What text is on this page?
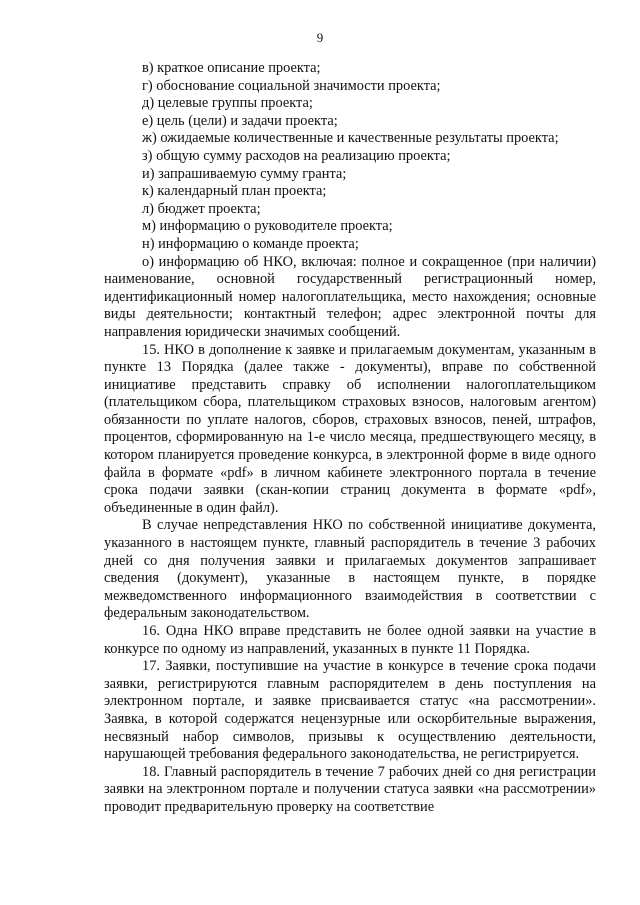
9

в) краткое описание проекта;

г) обоснование социальной значимости проекта;

д) целевые группы проекта;

е) цель (цели) и задачи проекта;

ж) ожидаемые количественные и качественные результаты проекта;

з) общую сумму расходов на реализацию проекта;

и) запрашиваемую сумму гранта;

к) календарный план проекта;

л) бюджет проекта;

м) информацию о руководителе проекта;

н) информацию о команде проекта;

о) информацию об НКО, включая: полное и сокращенное (при наличии) наименование, основной государственный регистрационный номер, идентификационный номер налогоплательщика, место нахождения; основные виды деятельности; контактный телефон; адрес электронной почты для направления юридически значимых сообщений.

15. НКО в дополнение к заявке и прилагаемым документам, указанным в пункте 13 Порядка (далее также - документы), вправе по собственной инициативе представить справку об исполнении налогоплательщиком (плательщиком сбора, плательщиком страховых взносов, налоговым агентом) обязанности по уплате налогов, сборов, страховых взносов, пеней, штрафов, процентов, сформированную на 1-е число месяца, предшествующего месяцу, в котором планируется проведение конкурса, в электронной форме в виде одного файла в формате «pdf» в личном кабинете электронного портала в течение срока подачи заявки (скан-копии страниц документа в формате «pdf», объединенные в один файл).

В случае непредставления НКО по собственной инициативе документа, указанного в настоящем пункте, главный распорядитель в течение 3 рабочих дней со дня получения заявки и прилагаемых документов запрашивает сведения (документ), указанные в настоящем пункте, в порядке межведомственного информационного взаимодействия в соответствии с федеральным законодательством.

16. Одна НКО вправе представить не более одной заявки на участие в конкурсе по одному из направлений, указанных в пункте 11 Порядка.

17. Заявки, поступившие на участие в конкурсе в течение срока подачи заявки, регистрируются главным распорядителем в день поступления на электронном портале, и заявке присваивается статус «на рассмотрении». Заявка, в которой содержатся нецензурные или оскорбительные выражения, несвязный набор символов, призывы к осуществлению деятельности, нарушающей требования федерального законодательства, не регистрируется.

18. Главный распорядитель в течение 7 рабочих дней со дня регистрации заявки на электронном портале и получении статуса заявки «на рассмотрении» проводит предварительную проверку на соответствие
